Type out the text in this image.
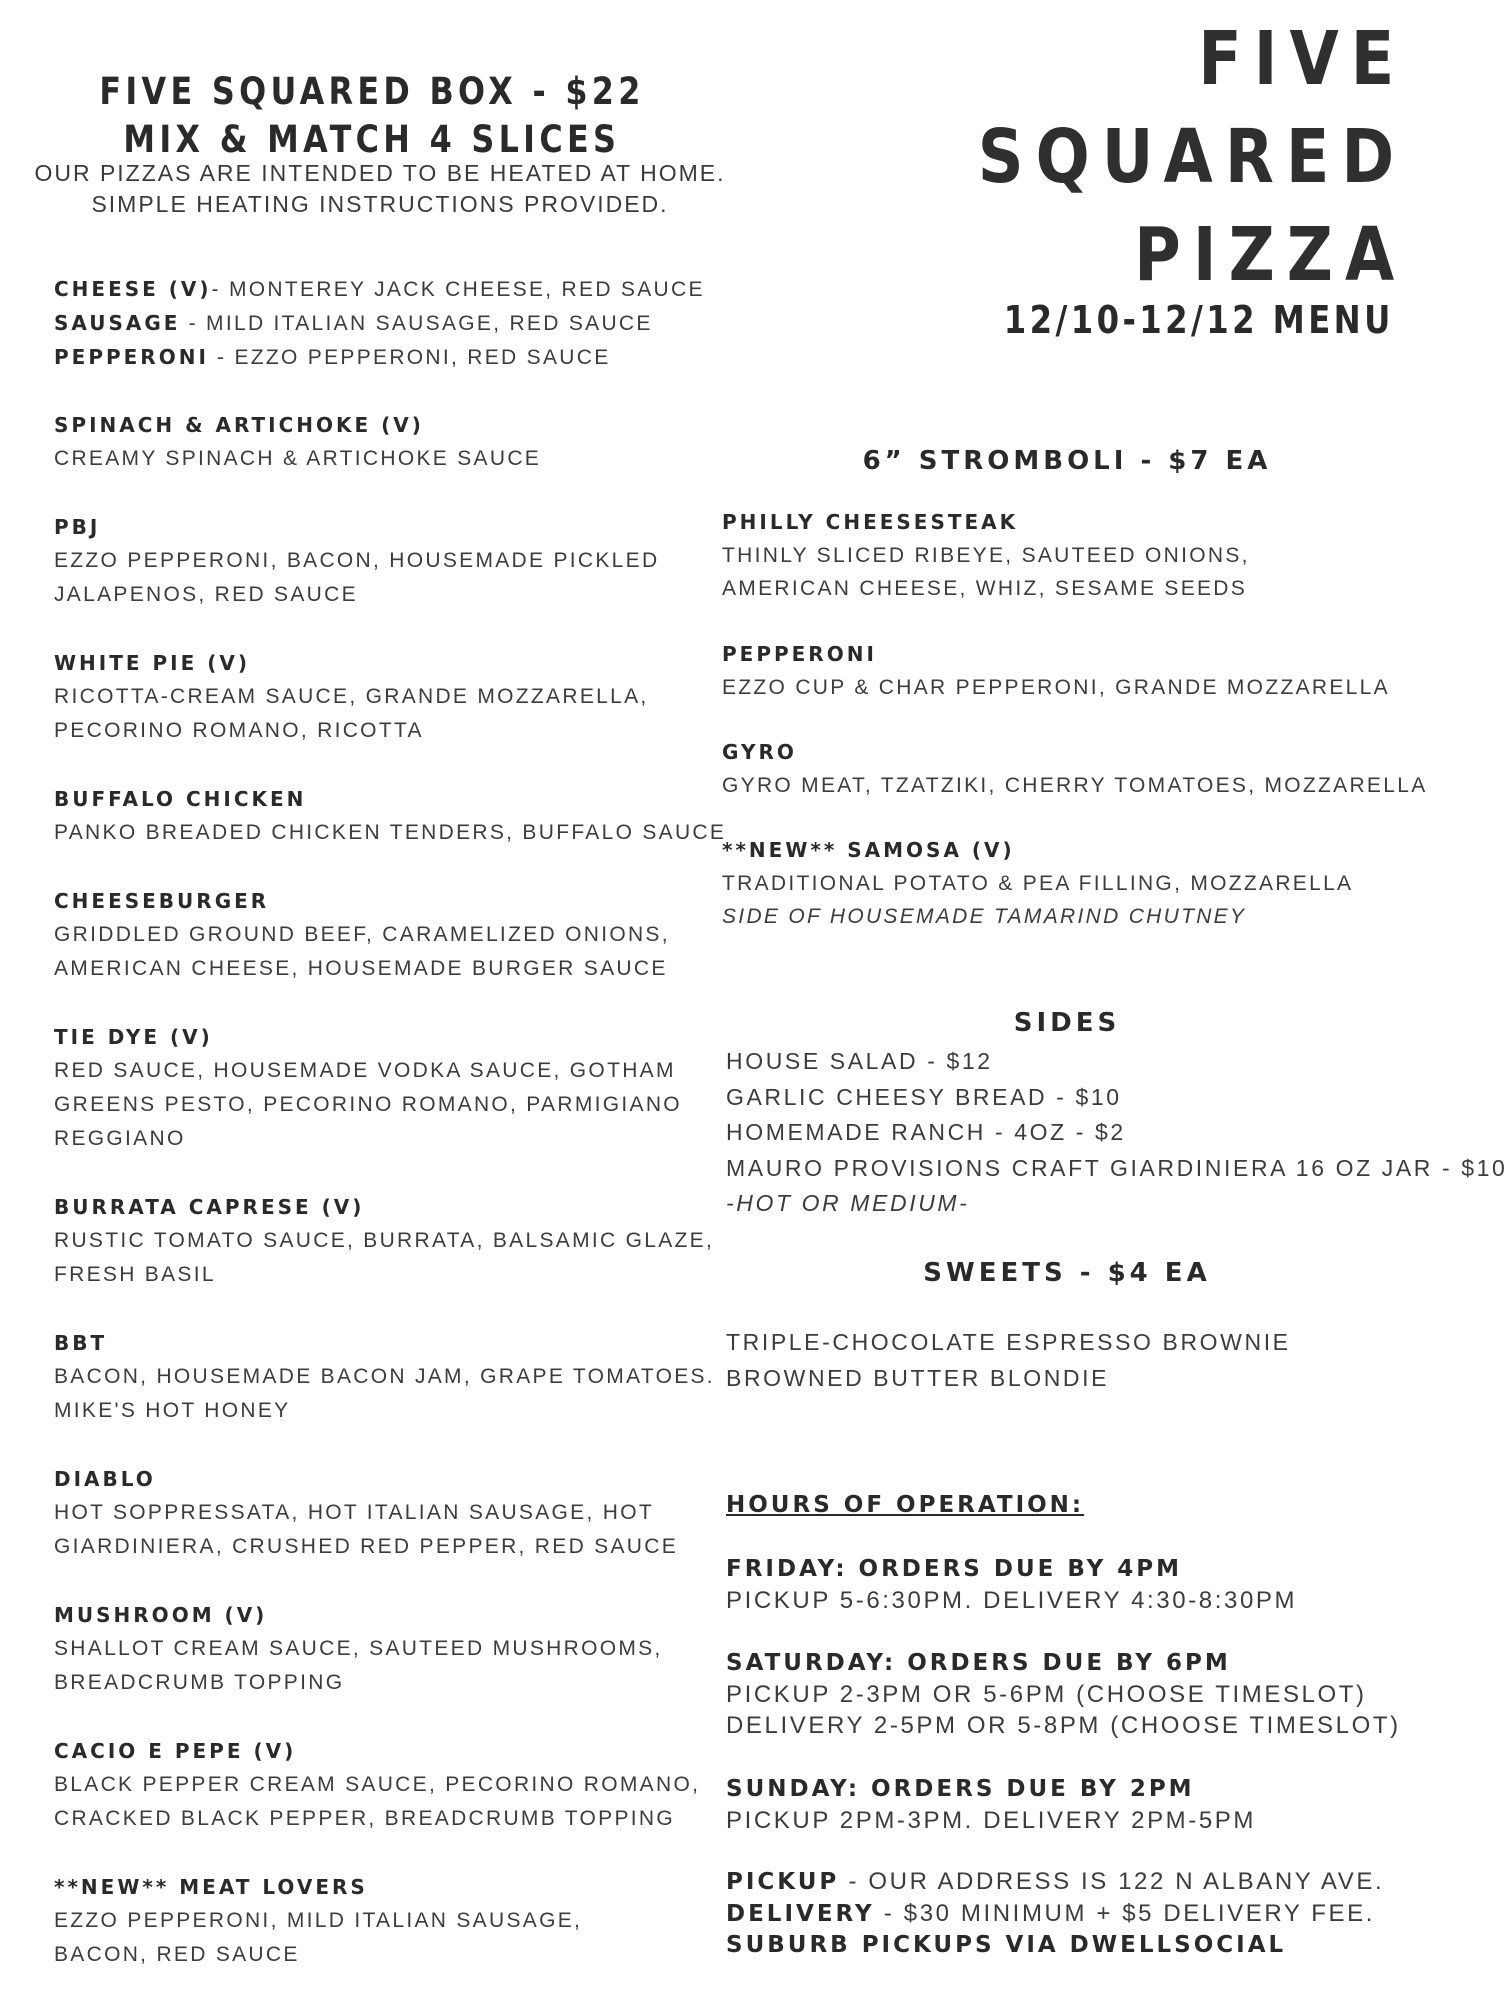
FIVE
SQUARED
PIZZA
12/10-12/12 MENU
FIVE SQUARED BOX - $22
MIX & MATCH 4 SLICES
OUR PIZZAS ARE INTENDED TO BE HEATED AT HOME.
SIMPLE HEATING INSTRUCTIONS PROVIDED.
CHEESE (V)- MONTEREY JACK CHEESE, RED SAUCE
SAUSAGE - MILD ITALIAN SAUSAGE, RED SAUCE
PEPPERONI - EZZO PEPPERONI, RED SAUCE
SPINACH & ARTICHOKE (V)
CREAMY SPINACH & ARTICHOKE SAUCE
PBJ
EZZO PEPPERONI, BACON, HOUSEMADE PICKLED
JALAPENOS, RED SAUCE
WHITE PIE (V)
RICOTTA-CREAM SAUCE, GRANDE MOZZARELLA,
PECORINO ROMANO, RICOTTA
BUFFALO CHICKEN
PANKO BREADED CHICKEN TENDERS, BUFFALO SAUCE
CHEESEBURGER
GRIDDLED GROUND BEEF, CARAMELIZED ONIONS,
AMERICAN CHEESE, HOUSEMADE BURGER SAUCE
TIE DYE (V)
RED SAUCE, HOUSEMADE VODKA SAUCE, GOTHAM
GREENS PESTO, PECORINO ROMANO, PARMIGIANO
REGGIANO
BURRATA CAPRESE (V)
RUSTIC TOMATO SAUCE, BURRATA, BALSAMIC GLAZE,
FRESH BASIL
BBT
BACON, HOUSEMADE BACON JAM, GRAPE TOMATOES.
MIKE'S HOT HONEY
DIABLO
HOT SOPPRESSATA, HOT ITALIAN SAUSAGE, HOT
GIARDINIERA, CRUSHED RED PEPPER, RED SAUCE
MUSHROOM (V)
SHALLOT CREAM SAUCE, SAUTEED MUSHROOMS,
BREADCRUMB TOPPING
CACIO E PEPE (V)
BLACK PEPPER CREAM SAUCE, PECORINO ROMANO,
CRACKED BLACK PEPPER, BREADCRUMB TOPPING
**NEW** MEAT LOVERS
EZZO PEPPERONI, MILD ITALIAN SAUSAGE,
BACON, RED SAUCE
6” STROMBOLI - $7 EA
PHILLY CHEESESTEAK
THINLY SLICED RIBEYE, SAUTEED ONIONS,
AMERICAN CHEESE, WHIZ, SESAME SEEDS
PEPPERONI
EZZO CUP & CHAR PEPPERONI, GRANDE MOZZARELLA
GYRO
GYRO MEAT, TZATZIKI, CHERRY TOMATOES, MOZZARELLA
**NEW** SAMOSA (V)
TRADITIONAL POTATO & PEA FILLING, MOZZARELLA
SIDE OF HOUSEMADE TAMARIND CHUTNEY
SIDES
HOUSE SALAD - $12
GARLIC CHEESY BREAD - $10
HOMEMADE RANCH - 4OZ - $2
MAURO PROVISIONS CRAFT GIARDINIERA 16 OZ JAR - $10
-HOT OR MEDIUM-
SWEETS - $4 EA
TRIPLE-CHOCOLATE ESPRESSO BROWNIE
BROWNED BUTTER BLONDIE
HOURS OF OPERATION:
FRIDAY: ORDERS DUE BY 4PM
PICKUP 5-6:30PM. DELIVERY 4:30-8:30PM
SATURDAY: ORDERS DUE BY 6PM
PICKUP 2-3PM OR 5-6PM (CHOOSE TIMESLOT)
DELIVERY 2-5PM OR 5-8PM (CHOOSE TIMESLOT)
SUNDAY: ORDERS DUE BY 2PM
PICKUP 2PM-3PM. DELIVERY 2PM-5PM
PICKUP - OUR ADDRESS IS 122 N ALBANY AVE.
DELIVERY - $30 MINIMUM + $5 DELIVERY FEE.
SUBURB PICKUPS VIA DWELLSOCIAL
